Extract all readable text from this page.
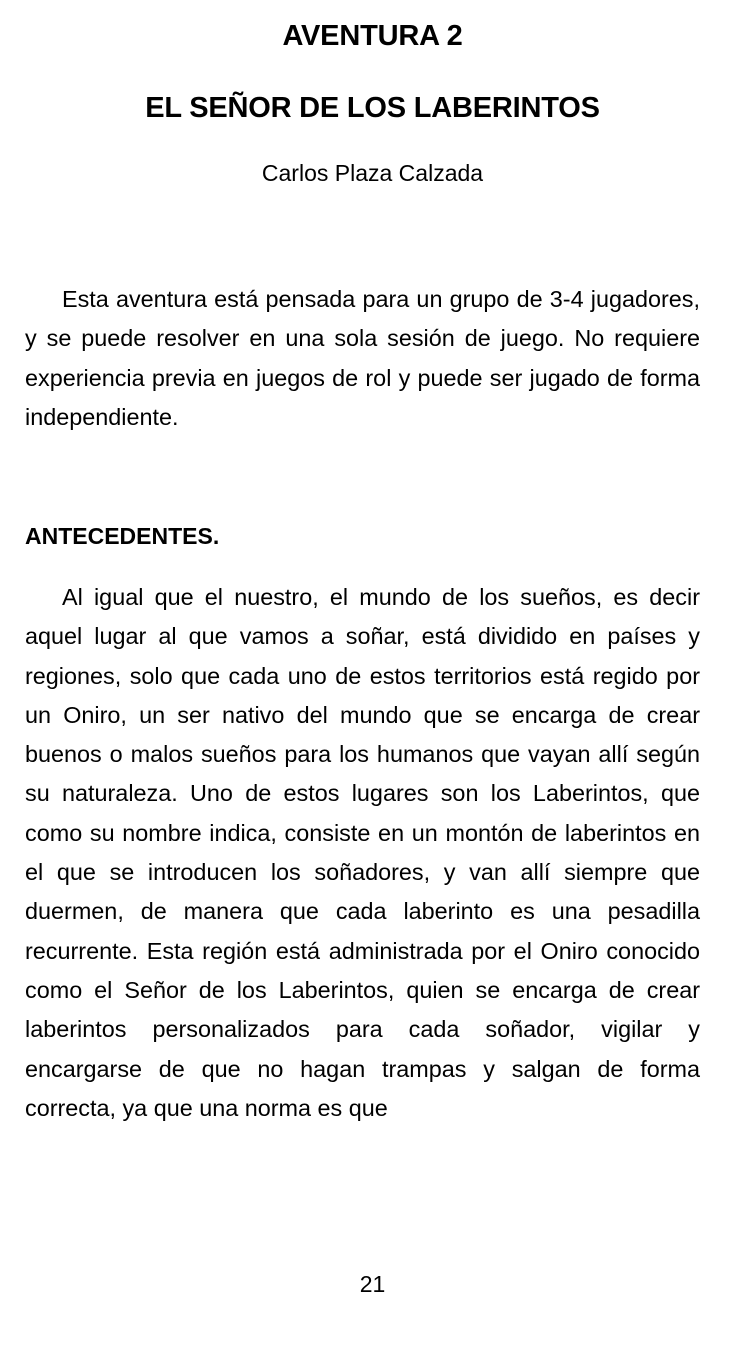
AVENTURA 2
EL SEÑOR DE LOS LABERINTOS
Carlos Plaza Calzada

Esta aventura está pensada para un grupo de 3-4 jugadores, y se puede resolver en una sola sesión de juego. No requiere experiencia previa en juegos de rol y puede ser jugado de forma independiente.

ANTECEDENTES.

Al igual que el nuestro, el mundo de los sueños, es decir aquel lugar al que vamos a soñar, está dividido en países y regiones, solo que cada uno de estos territorios está regido por un Oniro, un ser nativo del mundo que se encarga de crear buenos o malos sueños para los humanos que vayan allí según su naturaleza. Uno de estos lugares son los Laberintos, que como su nombre indica, consiste en un montón de laberintos en el que se introducen los soñadores, y van allí siempre que duermen, de manera que cada laberinto es una pesadilla recurrente. Esta región está administrada por el Oniro conocido como el Señor de los Laberintos, quien se encarga de crear laberintos personalizados para cada soñador, vigilar y encargarse de que no hagan trampas y salgan de forma correcta, ya que una norma es que

21
